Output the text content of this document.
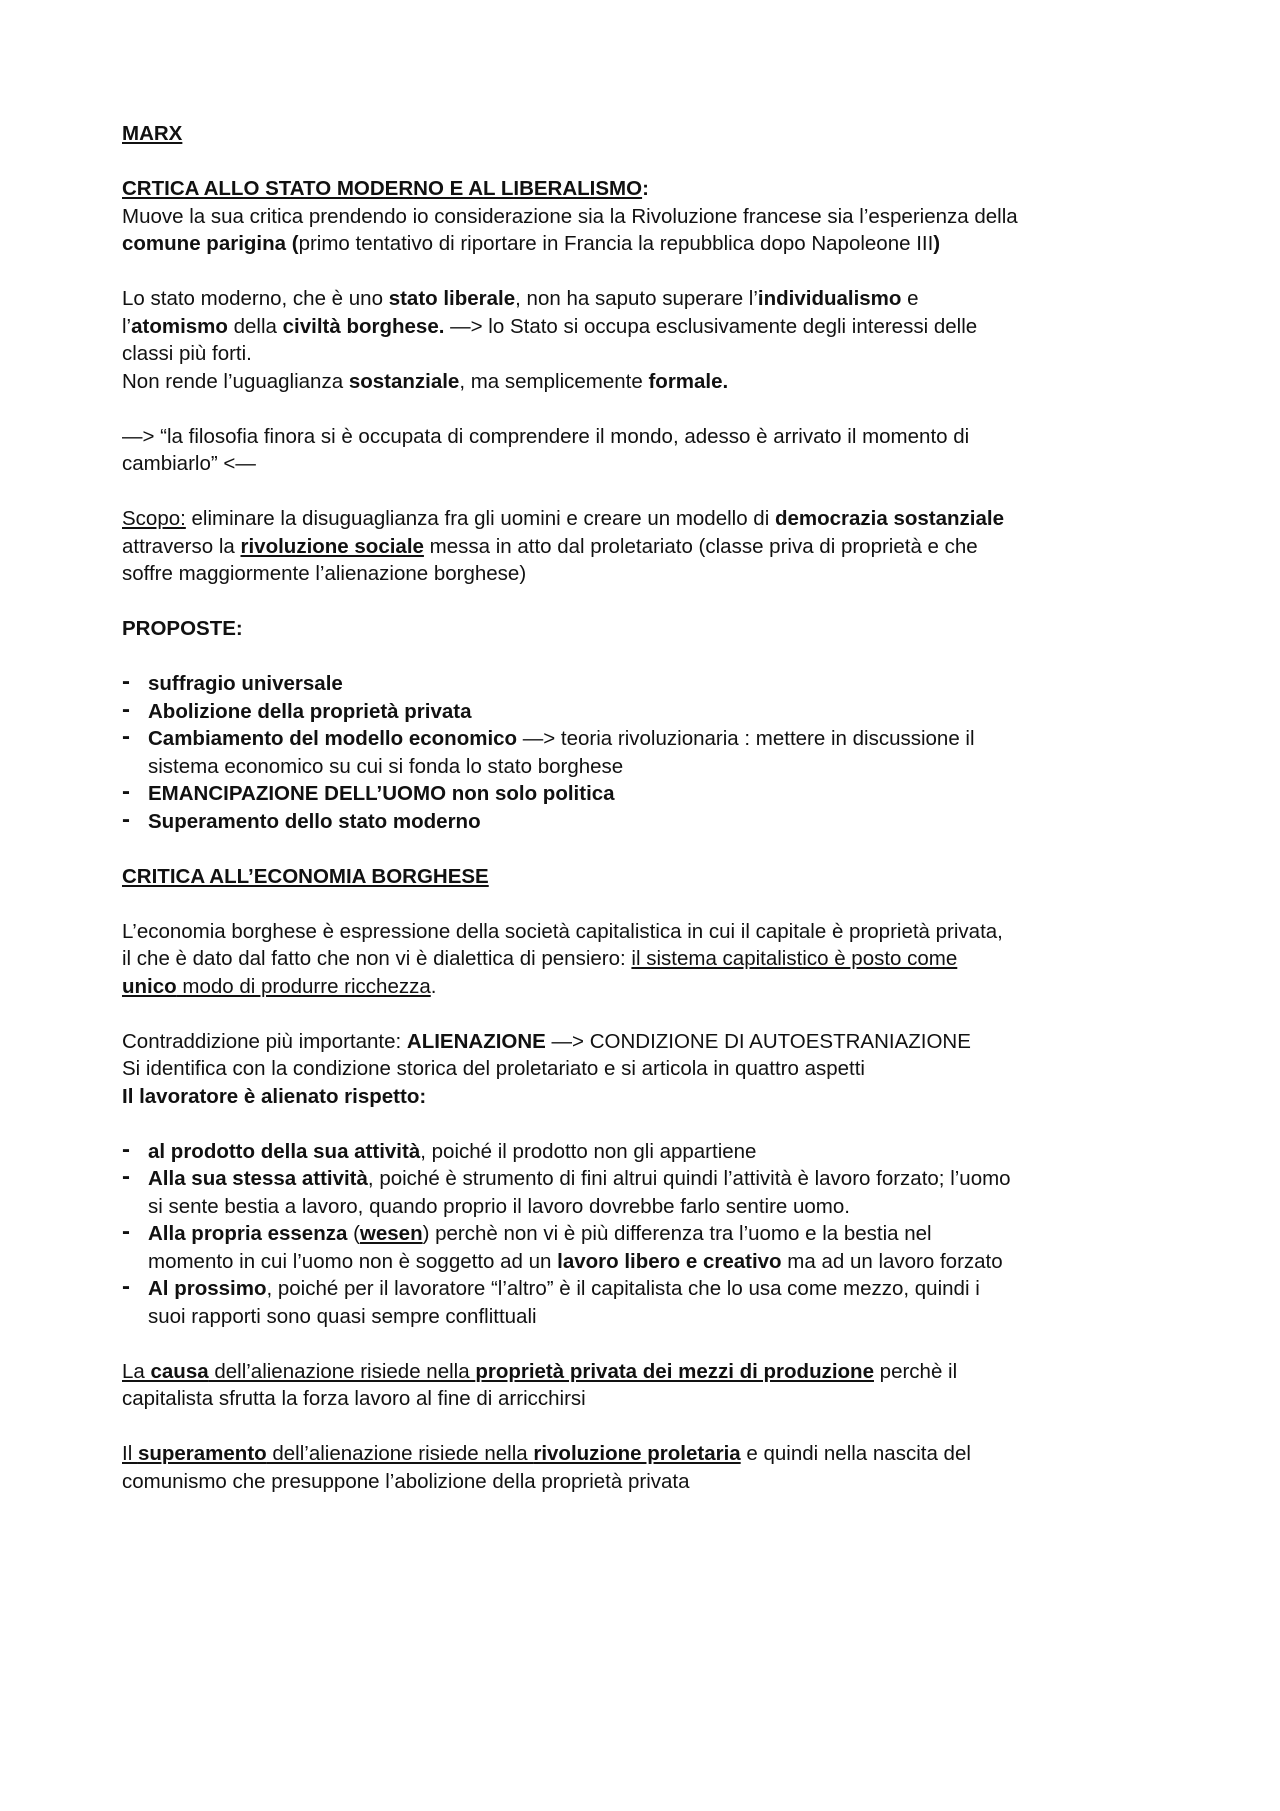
MARX
CRTICA ALLO STATO MODERNO E AL LIBERALISMO:
Muove la sua critica prendendo io considerazione sia la Rivoluzione francese sia l’esperienza della
comune parigina (primo tentativo di riportare in Francia la repubblica dopo Napoleone III)
Lo stato moderno, che è uno stato liberale, non ha saputo superare l’individualismo e
l’atomismo della civiltà borghese. —> lo Stato si occupa esclusivamente degli interessi delle
classi più forti.
Non rende l’uguaglianza sostanziale, ma semplicemente formale.
—> “la filosofia finora si è occupata di comprendere il mondo, adesso è arrivato il momento di
cambiarlo” <—
Scopo: eliminare la disuguaglianza fra gli uomini e creare un modello di democrazia sostanziale
attraverso la rivoluzione sociale messa in atto dal proletariato (classe priva di proprietà e che
soffre maggiormente l’alienazione borghese)
PROPOSTE:
- suffragio universale
- Abolizione della proprietà privata
- Cambiamento del modello economico —> teoria rivoluzionaria : mettere in discussione il
sistema economico su cui si fonda lo stato borghese
- EMANCIPAZIONE DELL’UOMO non solo politica
- Superamento dello stato moderno
CRITICA ALL’ECONOMIA BORGHESE
L’economia borghese è espressione della società capitalistica in cui il capitale è proprietà privata,
il che è dato dal fatto che non vi è dialettica di pensiero: il sistema capitalistico è posto come
unico modo di produrre ricchezza.
Contraddizione più importante: ALIENAZIONE —> CONDIZIONE DI AUTOESTRANIAZIONE
Si identifica con la condizione storica del proletariato e si articola in quattro aspetti
Il lavoratore è alienato rispetto:
- al prodotto della sua attività, poiché il prodotto non gli appartiene
- Alla sua stessa attività, poiché è strumento di fini altrui quindi l’attività è lavoro forzato; l’uomo
si sente bestia a lavoro, quando proprio il lavoro dovrebbe farlo sentire uomo.
- Alla propria essenza (wesen) perchè non vi è più differenza tra l’uomo e la bestia nel
momento in cui l’uomo non è soggetto ad un lavoro libero e creativo ma ad un lavoro forzato
- Al prossimo, poiché per il lavoratore “l’altro” è il capitalista che lo usa come mezzo, quindi i
suoi rapporti sono quasi sempre conflittuali
La causa dell’alienazione risiede nella proprietà privata dei mezzi di produzione perchè il
capitalista sfrutta la forza lavoro al fine di arricchirsi
Il superamento dell’alienazione risiede nella rivoluzione proletaria e quindi nella nascita del
comunismo che presuppone l’abolizione della proprietà privata
